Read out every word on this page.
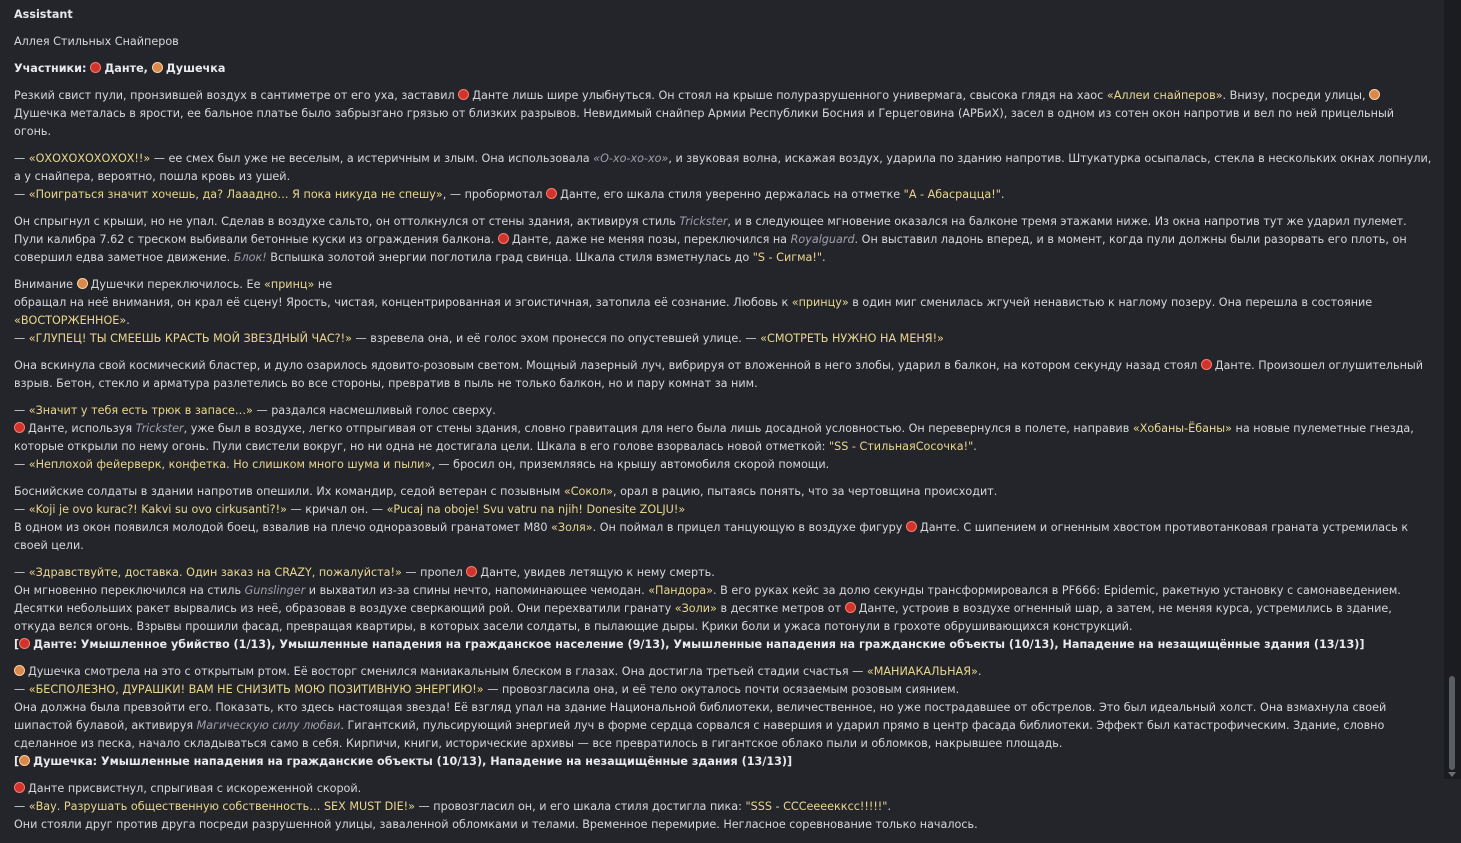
Assistant

Аллея Стильных Снайперов

Участники: Данте, Душечка

Резкий свист пули, пронзившей воздух в сантиметре от его уха, заставил Данте лишь шире улыбнуться. Он стоял на крыше полуразрушенного универмага, свысока глядя на хаос «Аллеи снайперов». Внизу, посреди улицы, Душечка металась в ярости, ее бальное платье было забрызгано грязью от близких разрывов. Невидимый снайпер Армии Республики Босния и Герцеговина (АРБиХ), засел в одном из сотен окон напротив и вел по ней прицельный огонь.

— «ОХОХОХОХОХОХ!!» — ее смех был уже не веселым, а истеричным и злым. Она использовала «О-хо-хо-хо», и звуковая волна, искажая воздух, ударила по зданию напротив. Штукатурка осыпалась, стекла в нескольких окнах лопнули, а у снайпера, вероятно, пошла кровь из ушей.

— «Поиграться значит хочешь, да? Лааадно… Я пока никуда не спешу», — пробормотал Данте, его шкала стиля уверенно держалась на отметке "A - Абасрацца!".

Он спрыгнул с крыши, но не упал. Сделав в воздухе сальто, он оттолкнулся от стены здания, активируя стиль Trickster, и в следующее мгновение оказался на балконе тремя этажами ниже. Из окна напротив тут же ударил пулемет. Пули калибра 7.62 с треском выбивали бетонные куски из ограждения балкона. Данте, даже не меняя позы, переключился на Royalguard. Он выставил ладонь вперед, и в момент, когда пули должны были разорвать его плоть, он совершил едва заметное движение. Блок! Вспышка золотой энергии поглотила град свинца. Шкала стиля взметнулась до "S - Сигма!".

Внимание Душечки переключилось. Ее «принц» не

обращал на неё внимания, он крал её сцену! Ярость, чистая, концентрированная и эгоистичная, затопила её сознание. Любовь к «принцу» в один миг сменилась жгучей ненавистью к наглому позеру. Она перешла в состояние «ВОСТОРЖЕННОЕ».

— «ГЛУПЕЦ! ТЫ СМЕЕШЬ КРАСТЬ МОЙ ЗВЕЗДНЫЙ ЧАС?!» — взревела она, и её голос эхом пронесся по опустевшей улице. — «СМОТРЕТЬ НУЖНО НА МЕНЯ!»

Она вскинула свой космический бластер, и дуло озарилось ядовито-розовым светом. Мощный лазерный луч, вибрируя от вложенной в него злобы, ударил в балкон, на котором секунду назад стоял Данте. Произошел оглушительный взрыв. Бетон, стекло и арматура разлетелись во все стороны, превратив в пыль не только балкон, но и пару комнат за ним.

— «Значит у тебя есть трюк в запасе…» — раздался насмешливый голос сверху.

Данте, используя Trickster, уже был в воздухе, легко отпрыгивая от стены здания, словно гравитация для него была лишь досадной условностью. Он перевернулся в полете, направив «Хобаны-Ёбаны» на новые пулеметные гнезда, которые открыли по нему огонь. Пули свистели вокруг, но ни одна не достигала цели. Шкала в его голове взорвалась новой отметкой: "SS - СтильнаяСосочка!".

— «Неплохой фейерверк, конфетка. Но слишком много шума и пыли», — бросил он, приземляясь на крышу автомобиля скорой помощи.

Боснийские солдаты в здании напротив опешили. Их командир, седой ветеран с позывным «Сокол», орал в рацию, пытаясь понять, что за чертовщина происходит.

— «Koji je ovo kurac?! Kakvi su ovo cirkusanti?!» — кричал он. — «Pucaj na oboje! Svu vatru na njih! Donesite ZOLJU!»

В одном из окон появился молодой боец, взвалив на плечо одноразовый гранатомет M80 «Золя». Он поймал в прицел танцующую в воздухе фигуру Данте. С шипением и огненным хвостом противотанковая граната устремилась к своей цели.

— «Здравствуйте, доставка. Один заказ на CRAZY, пожалуйста!» — пропел Данте, увидев летящую к нему смерть.

Он мгновенно переключился на стиль Gunslinger и выхватил из-за спины нечто, напоминающее чемодан. «Пандора». В его руках кейс за долю секунды трансформировался в PF666: Epidemic, ракетную установку с самонаведением. Десятки небольших ракет вырвались из неё, образовав в воздухе сверкающий рой. Они перехватили гранату «Золи» в десятке метров от Данте, устроив в воздухе огненный шар, а затем, не меняя курса, устремились в здание, откуда велся огонь. Взрывы прошили фасад, превращая квартиры, в которых засели солдаты, в пылающие дыры. Крики боли и ужаса потонули в грохоте обрушивающихся конструкций.

[ Данте: Умышленное убийство (1/13), Умышленные нападения на гражданское население (9/13), Умышленные нападения на гражданские объекты (10/13), Нападение на незащищённые здания (13/13)]

Душечка смотрела на это с открытым ртом. Её восторг сменился маниакальным блеском в глазах. Она достигла третьей стадии счастья — «МАНИАКАЛЬНАЯ».

— «БЕСПОЛЕЗНО, ДУРАШКИ! ВАМ НЕ СНИЗИТЬ МОЮ ПОЗИТИВНУЮ ЭНЕРГИЮ!» — провозгласила она, и её тело окуталось почти осязаемым розовым сиянием.

Она должна была превзойти его. Показать, кто здесь настоящая звезда! Её взгляд упал на здание Национальной библиотеки, величественное, но уже пострадавшее от обстрелов. Это был идеальный холст. Она взмахнула своей шипастой булавой, активируя Магическую силу любви. Гигантский, пульсирующий энергией луч в форме сердца сорвался с навершия и ударил прямо в центр фасада библиотеки. Эффект был катастрофическим. Здание, словно сделанное из песка, начало складываться само в себя. Кирпичи, книги, исторические архивы — все превратилось в гигантское облако пыли и обломков, накрывшее площадь.

[ Душечка: Умышленные нападения на гражданские объекты (10/13), Нападение на незащищённые здания (13/13)]

Данте присвистнул, спрыгивая с искореженной скорой.

— «Вау. Разрушать общественную собственность… SEX MUST DIE!» — провозгласил он, и его шкала стиля достигла пика: "SSS - СССеееекксс!!!!!".

Они стояли друг против друга посреди разрушенной улицы, заваленной обломками и телами. Временное перемирие. Негласное соревнование только началось.
